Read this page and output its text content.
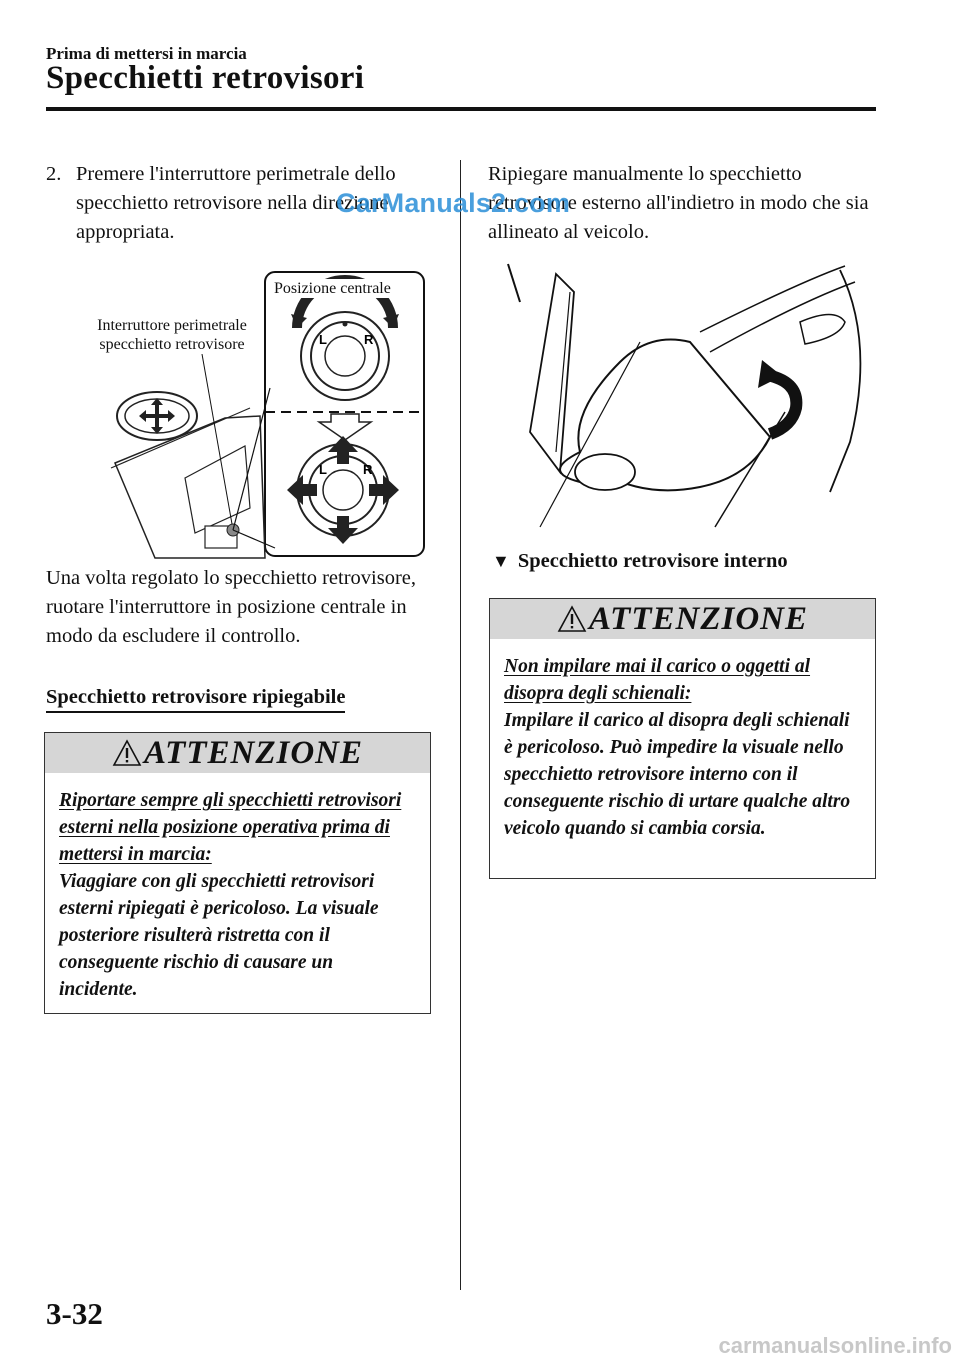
Prima di mettersi in marcia
Specchietti retrovisori
2. Premere l'interruttore perimetrale dello specchietto retrovisore nella direzione appropriata.
L	R
L	R
Posizione centrale
Interruttore perimetrale specchietto retrovisore
Una volta regolato lo specchietto retrovisore, ruotare l'interruttore in posizione centrale in modo da escludere il controllo.
Specchietto retrovisore ripiegabile
ATTENZIONE
Riportare sempre gli specchietti retrovisori esterni nella posizione operativa prima di mettersi in marcia:
Viaggiare con gli specchietti retrovisori esterni ripiegati è pericoloso. La visuale posteriore risulterà ristretta con il conseguente rischio di causare un incidente.
Ripiegare manualmente lo specchietto retrovisore esterno all'indietro in modo che sia allineato al veicolo.
▼ Specchietto retrovisore interno
ATTENZIONE
Non impilare mai il carico o oggetti al disopra degli schienali:
Impilare il carico al disopra degli schienali è pericoloso. Può impedire la visuale nello specchietto retrovisore interno con il conseguente rischio di urtare qualche altro veicolo quando si cambia corsia.
CarManuals2.com
3-32
carmanualsonline.info
